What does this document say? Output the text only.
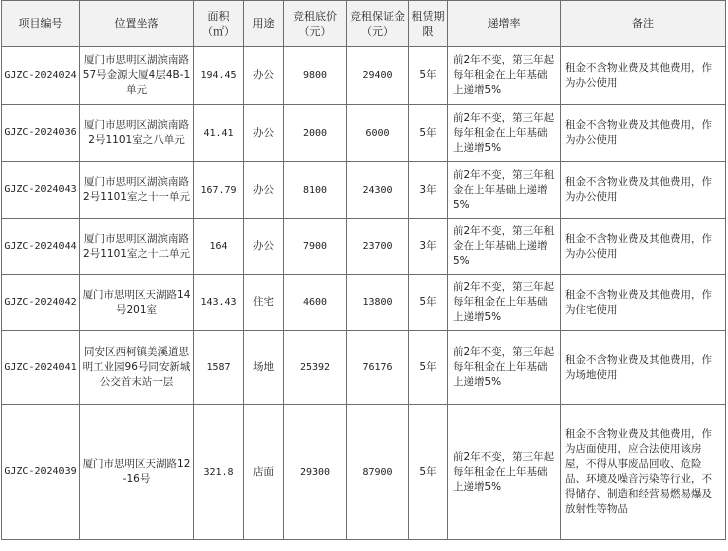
项目编号	位置坐落	面积（㎡）	用途	竞租底价（元）	竞租保证金（元）	租赁期限	递增率	备注
GJZC-2024024	厦门市思明区湖滨南路57号金源大厦4层4B-1单元	194.45	办公	9800	29400	5年	前2年不变，第三年起每年租金在上年基础上递增5%	租金不含物业费及其他费用，作为办公使用
GJZC-2024036	厦门市思明区湖滨南路2号1101室之八单元	41.41	办公	2000	6000	5年	前2年不变，第三年起每年租金在上年基础上递增5%	租金不含物业费及其他费用，作为办公使用
GJZC-2024043	厦门市思明区湖滨南路2号1101室之十一单元	167.79	办公	8100	24300	3年	前2年不变，第三年租金在上年基础上递增5%	租金不含物业费及其他费用，作为办公使用
GJZC-2024044	厦门市思明区湖滨南路2号1101室之十二单元	164	办公	7900	23700	3年	前2年不变，第三年租金在上年基础上递增5%	租金不含物业费及其他费用，作为办公使用
GJZC-2024042	厦门市思明区天湖路14号201室	143.43	住宅	4600	13800	5年	前2年不变，第三年起每年租金在上年基础上递增5%	租金不含物业费及其他费用，作为住宅使用
GJZC-2024041	同安区西柯镇美溪道思明工业园96号同安新城公交首末站一层	1587	场地	25392	76176	5年	前2年不变，第三年起每年租金在上年基础上递增5%	租金不含物业费及其他费用，作为场地使用
GJZC-2024039	厦门市思明区天湖路12-16号	321.8	店面	29300	87900	5年	前2年不变，第三年起每年租金在上年基础上递增5%	租金不含物业费及其他费用，作为店面使用，应合法使用该房屋，不得从事废品回收、危险品、环境及噪音污染等行业，不得储存、制造和经营易燃易爆及放射性等物品
